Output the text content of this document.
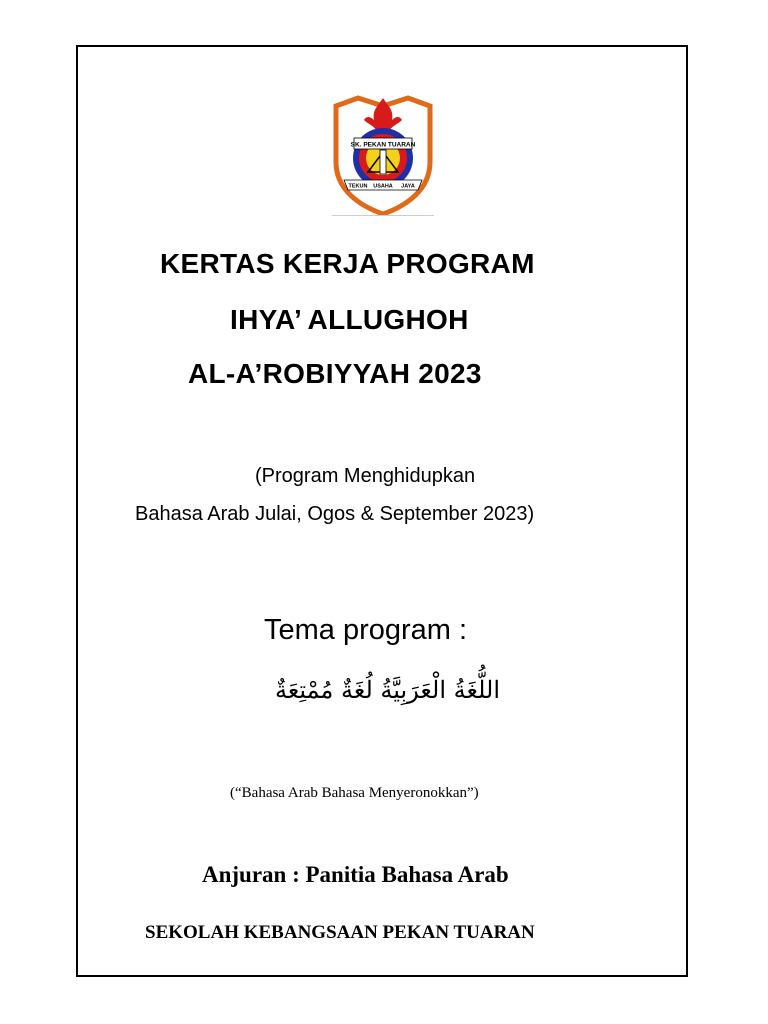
SK. PEKAN TUARAN
TEKUN USAHA JAYA
KERTAS KERJA PROGRAM
IHYA’ ALLUGHOH
AL-A’ROBIYYAH 2023
(Program Menghidupkan
Bahasa Arab Julai, Ogos & September 2023)
Tema program :
اللُّغَةُ الْعَرَبِيَّةُ لُغَةٌ مُمْتِعَةٌ
(“Bahasa Arab Bahasa Menyeronokkan”)
Anjuran : Panitia Bahasa Arab
SEKOLAH KEBANGSAAN PEKAN TUARAN
